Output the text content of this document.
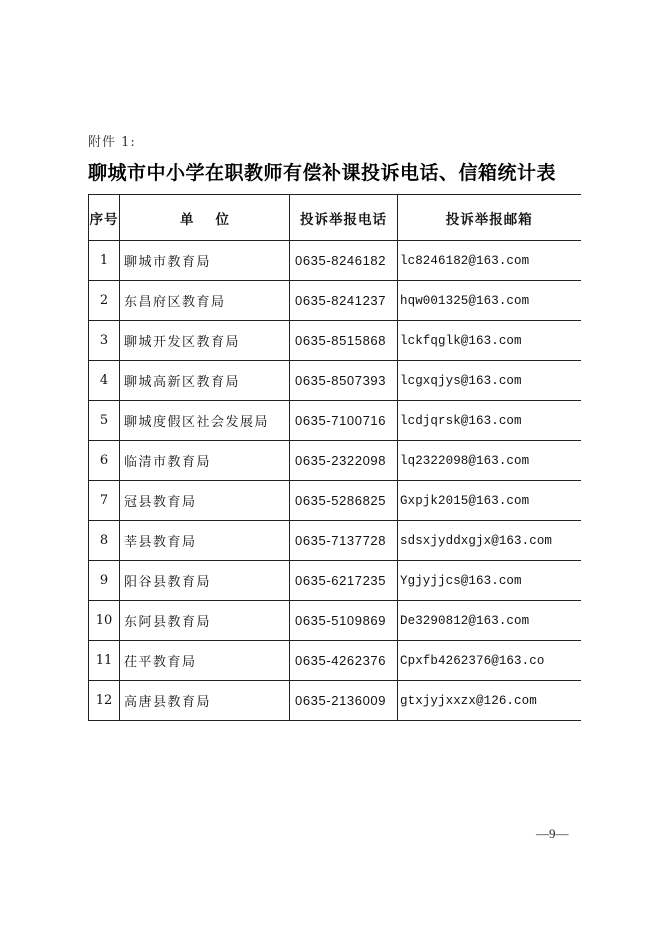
附件 1:
聊城市中小学在职教师有偿补课投诉电话、信箱统计表
序号	单位	投诉举报电话	投诉举报邮箱
1	聊城市教育局	0635-8246182	lc8246182@163.com
2	东昌府区教育局	0635-8241237	hqw001325@163.com
3	聊城开发区教育局	0635-8515868	lckfqglk@163.com
4	聊城高新区教育局	0635-8507393	lcgxqjys@163.com
5	聊城度假区社会发展局	0635-7100716	lcdjqrsk@163.com
6	临清市教育局	0635-2322098	lq2322098@163.com
7	冠县教育局	0635-5286825	Gxpjk2015@163.com
8	莘县教育局	0635-7137728	sdsxjyddxgjx@163.com
9	阳谷县教育局	0635-6217235	Ygjyjjcs@163.com
10	东阿县教育局	0635-5109869	De3290812@163.com
11	茌平教育局	0635-4262376	Cpxfb4262376@163.co
12	高唐县教育局	0635-2136009	gtxjyjxxzx@126.com
—9—
